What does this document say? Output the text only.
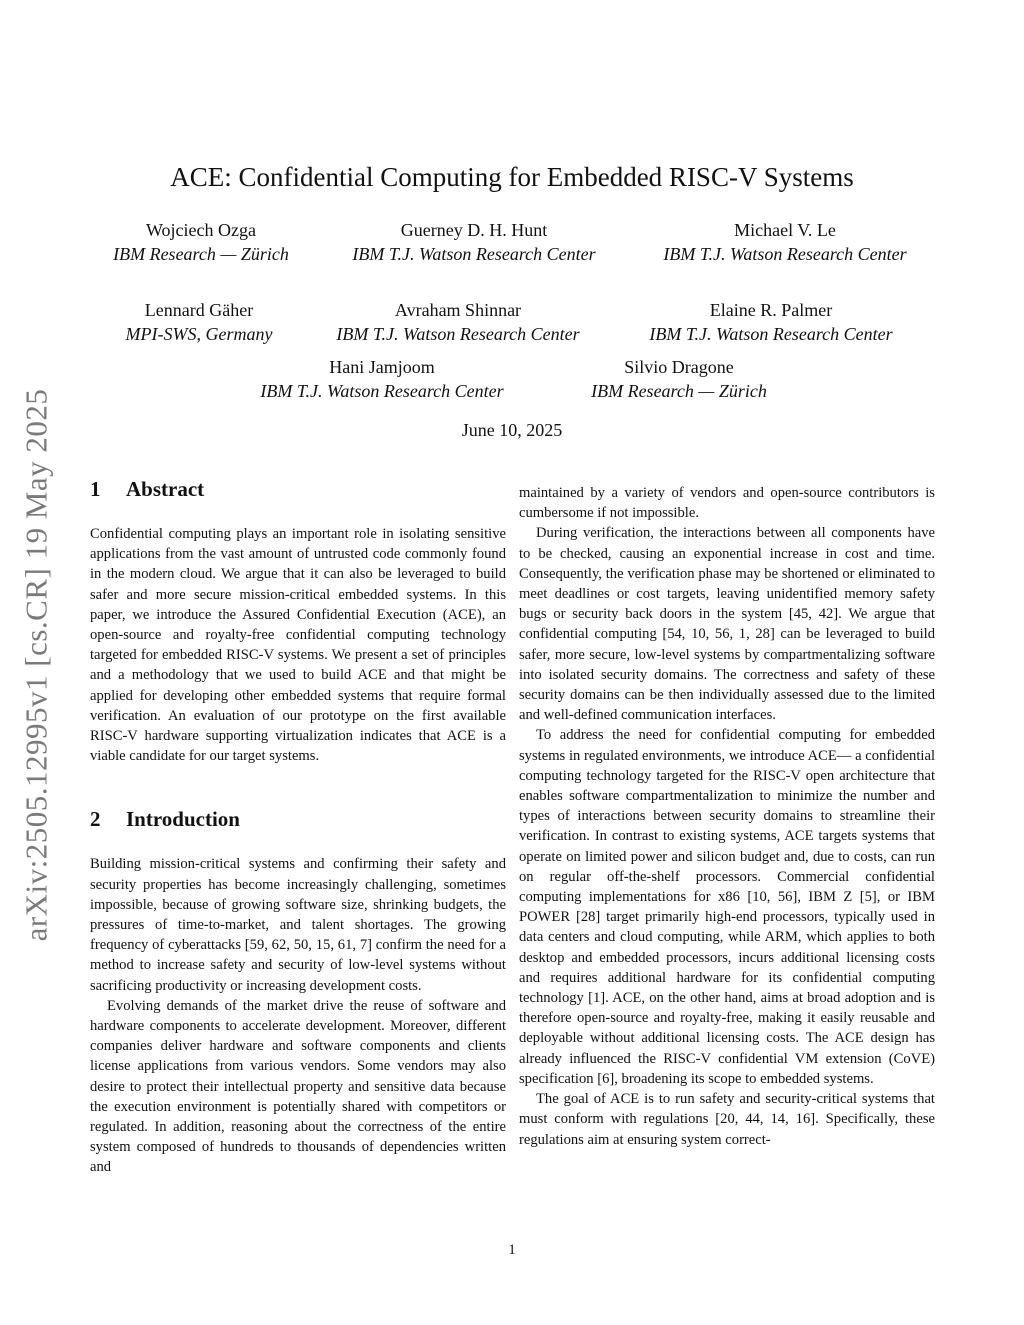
arXiv:2505.12995v1 [cs.CR] 19 May 2025
ACE: Confidential Computing for Embedded RISC-V Systems
Wojciech Ozga
IBM Research — Zürich
Guerney D. H. Hunt
IBM T.J. Watson Research Center
Michael V. Le
IBM T.J. Watson Research Center
Lennard Gäher
MPI-SWS, Germany
Avraham Shinnar
IBM T.J. Watson Research Center
Elaine R. Palmer
IBM T.J. Watson Research Center
Hani Jamjoom
IBM T.J. Watson Research Center
Silvio Dragone
IBM Research — Zürich
June 10, 2025
1 Abstract

Confidential computing plays an important role in isolating sensitive applications from the vast amount of untrusted code commonly found in the modern cloud. We argue that it can also be leveraged to build safer and more secure mission-critical embedded systems. In this paper, we introduce the Assured Confidential Execution (ACE), an open-source and royalty-free confidential computing technology targeted for embedded RISC-V systems. We present a set of principles and a methodology that we used to build ACE and that might be applied for developing other embedded systems that require formal verification. An evaluation of our prototype on the first available RISC-V hardware supporting virtualization indicates that ACE is a viable candidate for our target systems.

2 Introduction

Building mission-critical systems and confirming their safety and security properties has become increasingly challenging, sometimes impossible, because of growing software size, shrinking budgets, the pressures of time-to-market, and talent shortages. The growing frequency of cyberattacks [59, 62, 50, 15, 61, 7] confirm the need for a method to increase safety and security of low-level systems without sacrificing productivity or increasing development costs.

Evolving demands of the market drive the reuse of software and hardware components to accelerate development. Moreover, different companies deliver hardware and software components and clients license applications from various vendors. Some vendors may also desire to protect their intellectual property and sensitive data because the execution environment is potentially shared with competitors or regulated. In addition, reasoning about the correctness of the entire system composed of hundreds to thousands of dependencies written and

maintained by a variety of vendors and open-source contributors is cumbersome if not impossible.

During verification, the interactions between all components have to be checked, causing an exponential increase in cost and time. Consequently, the verification phase may be shortened or eliminated to meet deadlines or cost targets, leaving unidentified memory safety bugs or security back doors in the system [45, 42]. We argue that confidential computing [54, 10, 56, 1, 28] can be leveraged to build safer, more secure, low-level systems by compartmentalizing software into isolated security domains. The correctness and safety of these security domains can be then individually assessed due to the limited and well-defined communication interfaces.

To address the need for confidential computing for embedded systems in regulated environments, we introduce ACE— a confidential computing technology targeted for the RISC-V open architecture that enables software compartmentalization to minimize the number and types of interactions between security domains to streamline their verification. In contrast to existing systems, ACE targets systems that operate on limited power and silicon budget and, due to costs, can run on regular off-the-shelf processors. Commercial confidential computing implementations for x86 [10, 56], IBM Z [5], or IBM POWER [28] target primarily high-end processors, typically used in data centers and cloud computing, while ARM, which applies to both desktop and embedded processors, incurs additional licensing costs and requires additional hardware for its confidential computing technology [1]. ACE, on the other hand, aims at broad adoption and is therefore open-source and royalty-free, making it easily reusable and deployable without additional licensing costs. The ACE design has already influenced the RISC-V confidential VM extension (CoVE) specification [6], broadening its scope to embedded systems.

The goal of ACE is to run safety and security-critical systems that must conform with regulations [20, 44, 14, 16]. Specifically, these regulations aim at ensuring system correct-

1
